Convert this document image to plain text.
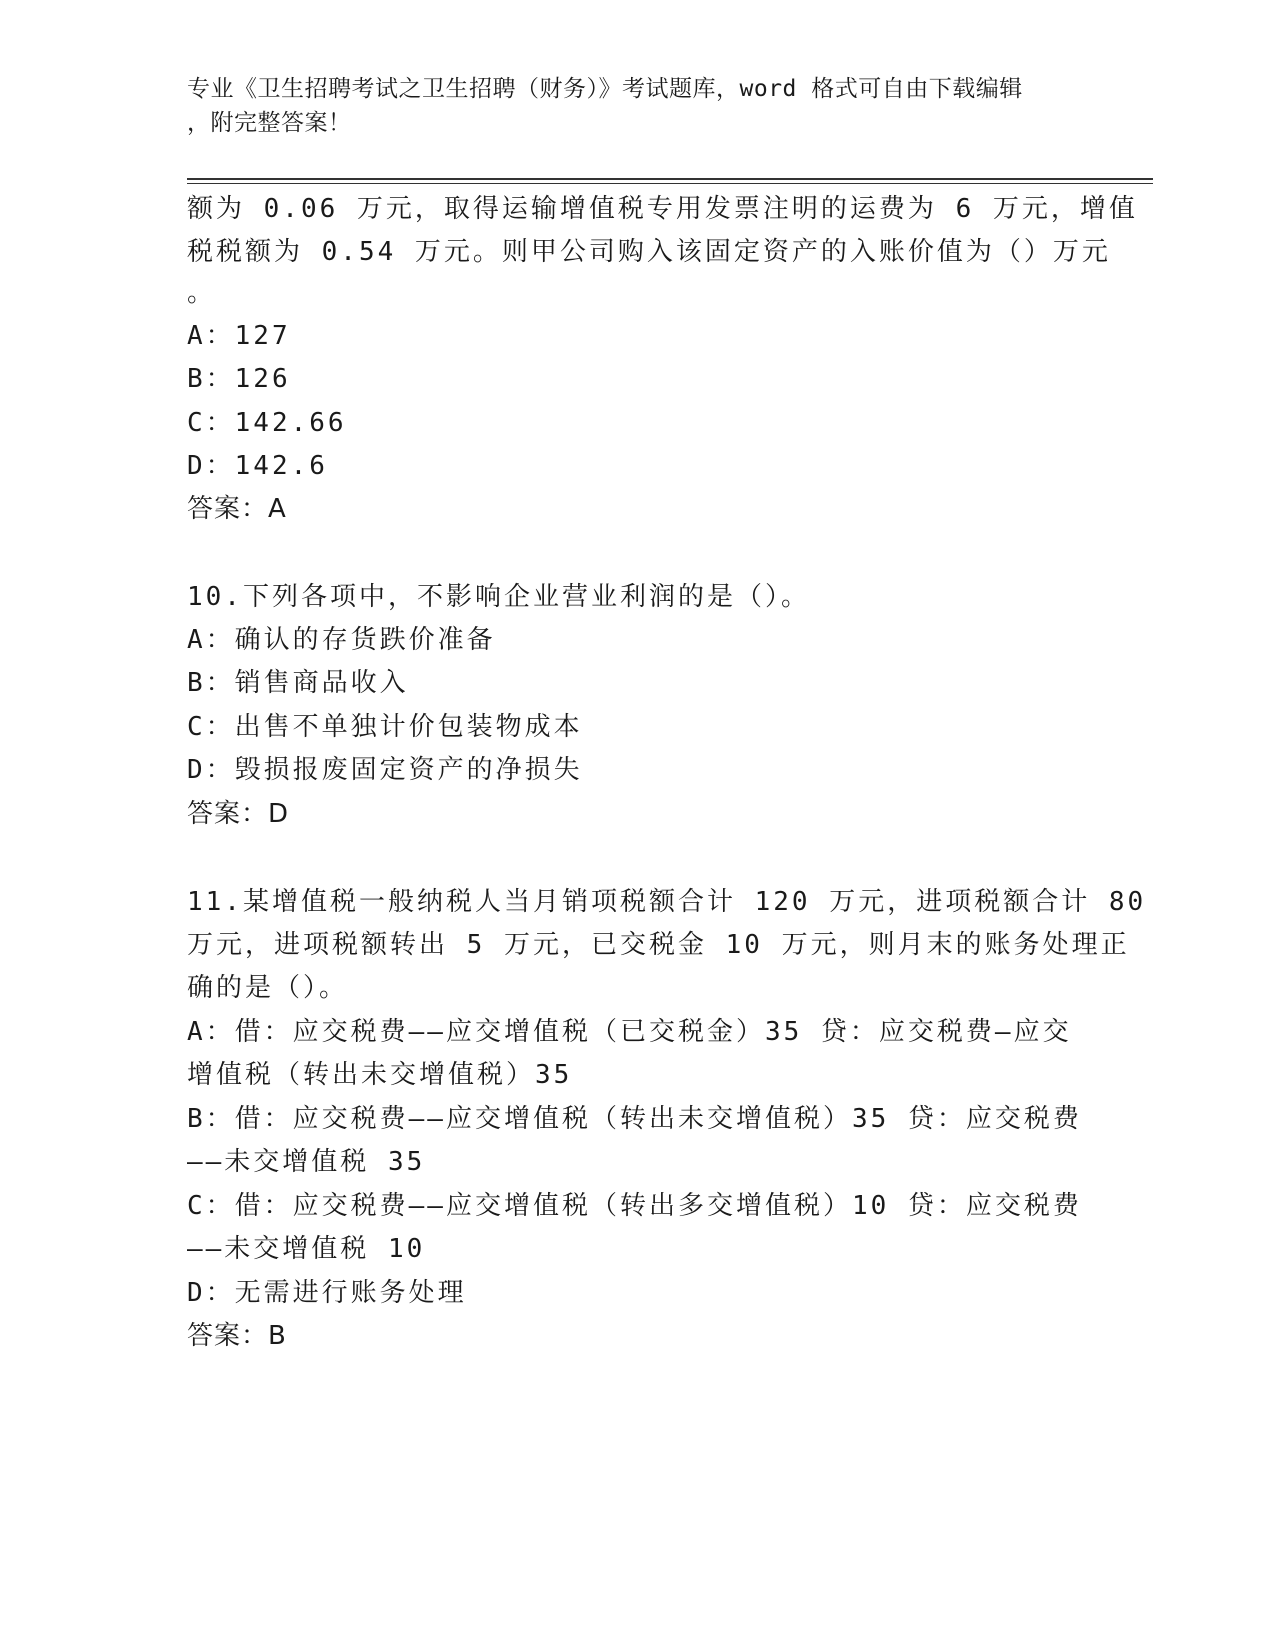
专业《卫生招聘考试之卫生招聘（财务）》考试题库，word 格式可自由下载编辑
，附完整答案！
额为 0.06 万元，取得运输增值税专用发票注明的运费为 6 万元，增值
税税额为 0.54 万元。则甲公司购入该固定资产的入账价值为（）万元
。
A：127
B：126
C：142.66
D：142.6
答案：A
10.下列各项中，不影响企业营业利润的是（）。
A：确认的存货跌价准备
B：销售商品收入
C：出售不单独计价包装物成本
D：毁损报废固定资产的净损失
答案：D
11.某增值税一般纳税人当月销项税额合计 120 万元，进项税额合计 80
万元，进项税额转出 5 万元，已交税金 10 万元，则月末的账务处理正
确的是（）。
A：借：应交税费——应交增值税（已交税金）35 贷：应交税费—应交
增值税（转出未交增值税）35
B：借：应交税费——应交增值税（转出未交增值税）35 贷：应交税费
——未交增值税 35
C：借：应交税费——应交增值税（转出多交增值税）10 贷：应交税费
——未交增值税 10
D：无需进行账务处理
答案：B
